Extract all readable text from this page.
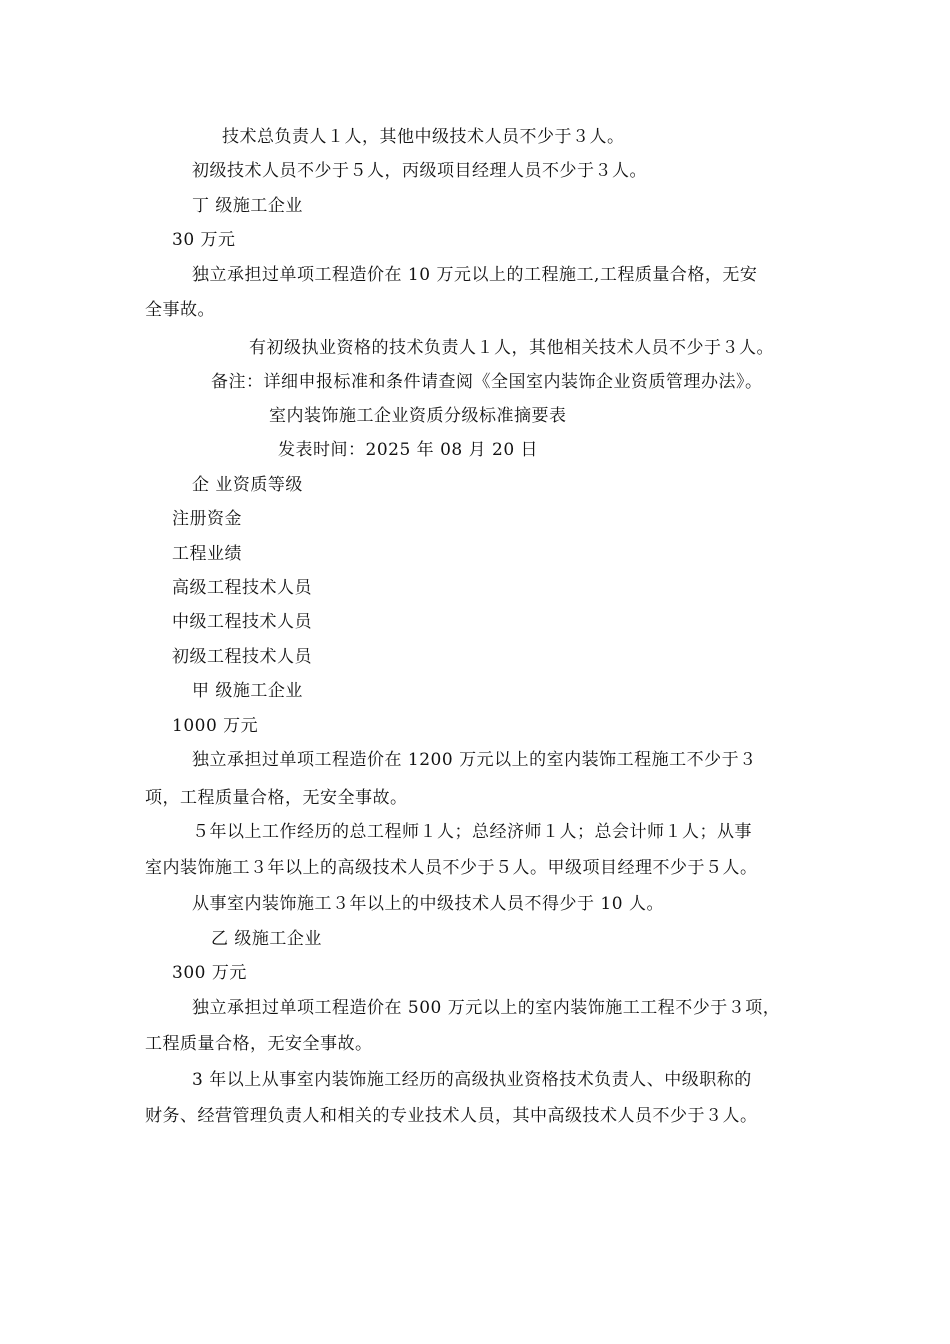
技术总负责人１人，其他中级技术人员不少于３人。
初级技术人员不少于５人，丙级项目经理人员不少于３人。
丁 级施工企业
30 万元
独立承担过单项工程造价在 10 万元以上的工程施工,工程质量合格，无安
全事故。
有初级执业资格的技术负责人１人，其他相关技术人员不少于３人。
备注：详细申报标准和条件请查阅《全国室内装饰企业资质管理办法》。
室内装饰施工企业资质分级标准摘要表
发表时间：2025 年 08 月 20 日
企 业资质等级
注册资金
工程业绩
高级工程技术人员
中级工程技术人员
初级工程技术人员
甲 级施工企业
1000 万元
独立承担过单项工程造价在 1200 万元以上的室内装饰工程施工不少于３
项，工程质量合格，无安全事故。
５年以上工作经历的总工程师１人；总经济师１人；总会计师１人；从事
室内装饰施工３年以上的高级技术人员不少于５人。甲级项目经理不少于５人。
从事室内装饰施工３年以上的中级技术人员不得少于 10 人。
乙 级施工企业
300 万元
独立承担过单项工程造价在 500 万元以上的室内装饰施工工程不少于３项，
工程质量合格，无安全事故。
3 年以上从事室内装饰施工经历的高级执业资格技术负责人、中级职称的
财务、经营管理负责人和相关的专业技术人员，其中高级技术人员不少于３人。
